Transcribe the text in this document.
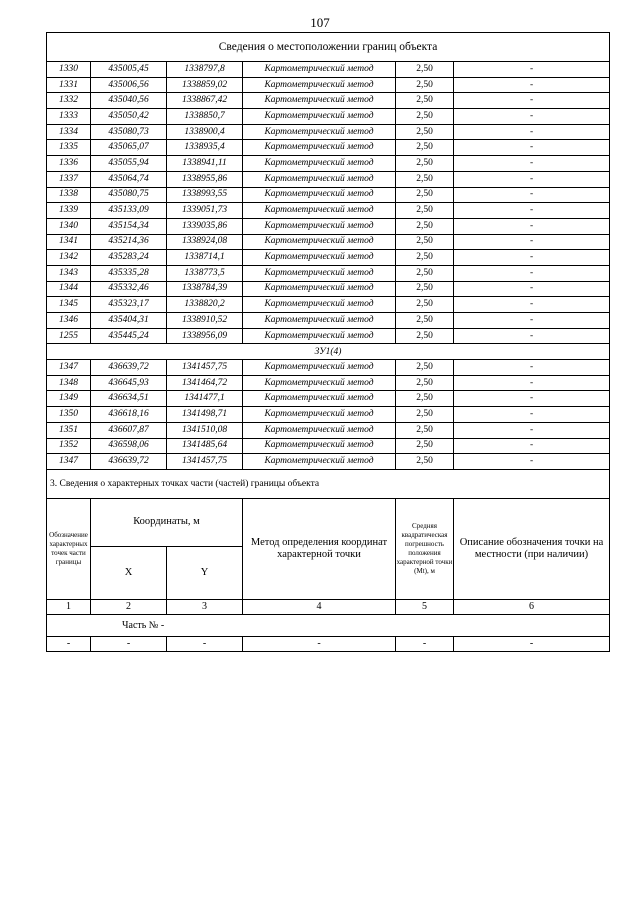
107
Сведения о местоположении границ объекта					
1330	435005,45	1338797,8	Картометрический метод	2,50	-
1331	435006,56	1338859,02	Картометрический метод	2,50	-
1332	435040,56	1338867,42	Картометрический метод	2,50	-
1333	435050,42	1338850,7	Картометрический метод	2,50	-
1334	435080,73	1338900,4	Картометрический метод	2,50	-
1335	435065,07	1338935,4	Картометрический метод	2,50	-
1336	435055,94	1338941,11	Картометрический метод	2,50	-
1337	435064,74	1338955,86	Картометрический метод	2,50	-
1338	435080,75	1338993,55	Картометрический метод	2,50	-
1339	435133,09	1339051,73	Картометрический метод	2,50	-
1340	435154,34	1339035,86	Картометрический метод	2,50	-
1341	435214,36	1338924,08	Картометрический метод	2,50	-
1342	435283,24	1338714,1	Картометрический метод	2,50	-
1343	435335,28	1338773,5	Картометрический метод	2,50	-
1344	435332,46	1338784,39	Картометрический метод	2,50	-
1345	435323,17	1338820,2	Картометрический метод	2,50	-
1346	435404,31	1338910,52	Картометрический метод	2,50	-
1255	435445,24	1338956,09	Картометрический метод	2,50	-
ЗУ1(4)					
1347	436639,72	1341457,75	Картометрический метод	2,50	-
1348	436645,93	1341464,72	Картометрический метод	2,50	-
1349	436634,51	1341477,1	Картометрический метод	2,50	-
1350	436618,16	1341498,71	Картометрический метод	2,50	-
1351	436607,87	1341510,08	Картометрический метод	2,50	-
1352	436598,06	1341485,64	Картометрический метод	2,50	-
1347	436639,72	1341457,75	Картометрический метод	2,50	-
3. Сведения о характерных точках части (частей) границы объекта					
Обозначение характерных точек части границы	Координаты, м		Метод определения координат характерной точки	Средняя квадратическая погрешность положения характерной точки (Mt), м	Описание обозначения точки на местности (при наличии)
	X	Y			
1	2	3	4	5	6
Часть № -					
-	-	-	-	-	-
